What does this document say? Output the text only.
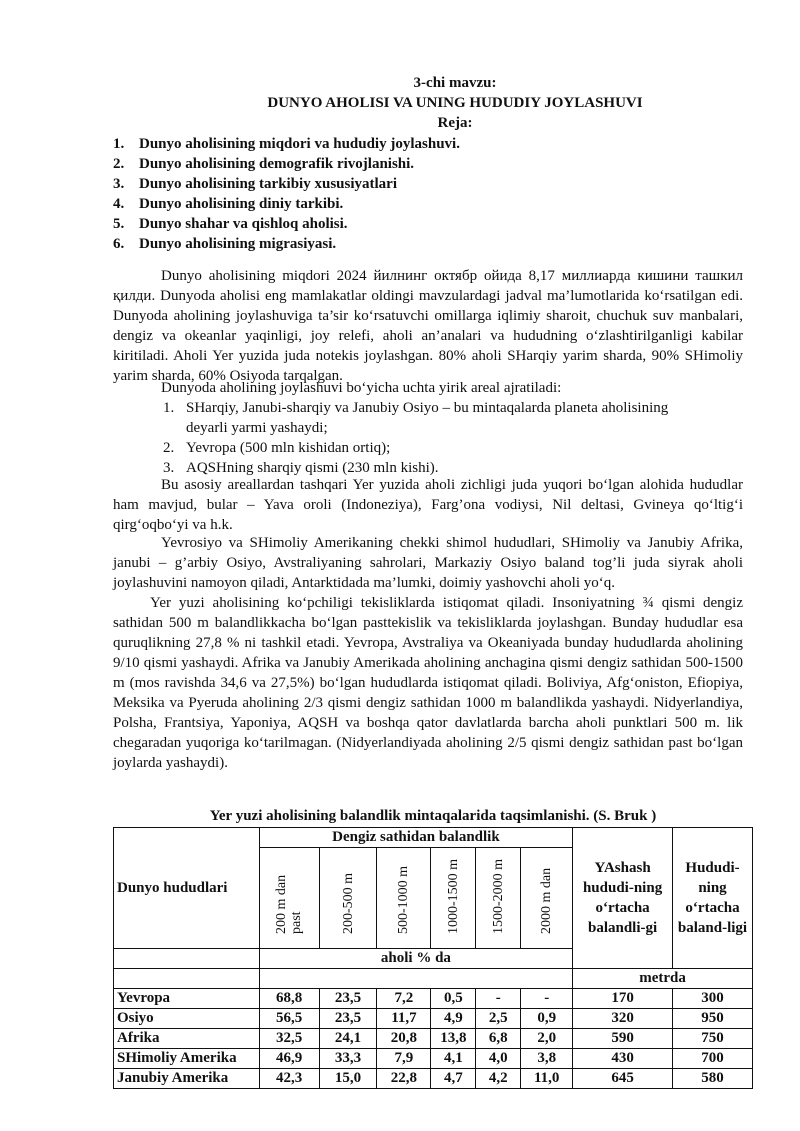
3-chi mavzu:
DUNYO AHOLISI VA UNING HUDUDIY JOYLASHUVI
Reja:
1. Dunyo aholisining miqdori va hududiy joylashuvi.
2. Dunyo aholisining demografik rivojlanishi.
3. Dunyo aholisining tarkibiy xususiyatlari
4. Dunyo aholisining diniy tarkibi.
5. Dunyo shahar va qishloq aholisi.
6. Dunyo aholisining migrasiyasi.

Dunyo aholisining miqdori 2024 йилнинг октябр ойида 8,17 миллиарда кишини ташкил қилди. Dunyoda aholisi eng mamlakatlar oldingi mavzulardagi jadval ma’lumotlarida ko‘rsatilgan edi. Dunyoda aholining joylashuviga ta’sir ko‘rsatuvchi omillarga iqlimiy sharoit, chuchuk suv manbalari, dengiz va okeanlar yaqinligi, joy relefi, aholi an’analari va hududning o‘zlashtirilganligi kabilar kiritiladi. Aholi Yer yuzida juda notekis joylashgan. 80% aholi SHarqiy yarim sharda, 90% SHimoliy yarim sharda, 60% Osiyoda tarqalgan.

Dunyoda aholining joylashuvi bo‘yicha uchta yirik areal ajratiladi:

1. SHarqiy, Janubi-sharqiy va Janubiy Osiyo – bu mintaqalarda planeta aholisining
deyarli yarmi yashaydi;
2. Yevropa (500 mln kishidan ortiq);
3. AQSHning sharqiy qismi (230 mln kishi).

Bu asosiy areallardan tashqari Yer yuzida aholi zichligi juda yuqori bo‘lgan alohida hududlar ham mavjud, bular – Yava oroli (Indoneziya), Farg’ona vodiysi, Nil deltasi, Gvineya qo‘ltig‘i qirg‘oqbo‘yi va h.k.

Yevrosiyo va SHimoliy Amerikaning chekki shimol hududlari, SHimoliy va Janubiy Afrika, janubi – g’arbiy Osiyo, Avstraliyaning sahrolari, Markaziy Osiyo baland tog’li juda siyrak aholi joylashuvini namoyon qiladi, Antarktidada ma’lumki, doimiy yashovchi aholi yo‘q.

Yer yuzi aholisining ko‘pchiligi tekisliklarda istiqomat qiladi. Insoniyatning ¾ qismi dengiz sathidan 500 m balandlikkacha bo‘lgan pasttekislik va tekisliklarda joylashgan. Bunday hududlar esa quruqlikning 27,8 % ni tashkil etadi. Yevropa, Avstraliya va Okeaniyada bunday hududlarda aholining 9/10 qismi yashaydi. Afrika va Janubiy Amerikada aholining anchagina qismi dengiz sathidan 500-1500 m (mos ravishda 34,6 va 27,5%) bo‘lgan hududlarda istiqomat qiladi. Boliviya, Afg‘oniston, Efiopiya, Meksika va Pyeruda aholining 2/3 qismi dengiz sathidan 1000 m balandlikda yashaydi. Nidyerlandiya, Polsha, Frantsiya, Yaponiya, AQSH va boshqa qator davlatlarda barcha aholi punktlari 500 m. lik chegaradan yuqoriga ko‘tarilmagan. (Nidyerlandiyada aholining 2/5 qismi dengiz sathidan past bo‘lgan joylarda yashaydi).

Yer yuzi aholisining balandlik mintaqalarida taqsimlanishi. (S. Bruk )
Dunyo hududlari	Dengiz sathidan balandlik						YAshash hududi-ning o‘rtacha balandli-gi	Hududi-ning o‘rtacha baland-ligi
	200 m dan past	200-500 m	500-1000 m	1000-1500 m	1500-2000 m	2000 m dan		
	aholi % da							
							metrda	
Yevropa	68,8	23,5	7,2	0,5	-	-	170	300
Osiyo	56,5	23,5	11,7	4,9	2,5	0,9	320	950
Afrika	32,5	24,1	20,8	13,8	6,8	2,0	590	750
SHimoliy Amerika	46,9	33,3	7,9	4,1	4,0	3,8	430	700
Janubiy Amerika	42,3	15,0	22,8	4,7	4,2	11,0	645	580
